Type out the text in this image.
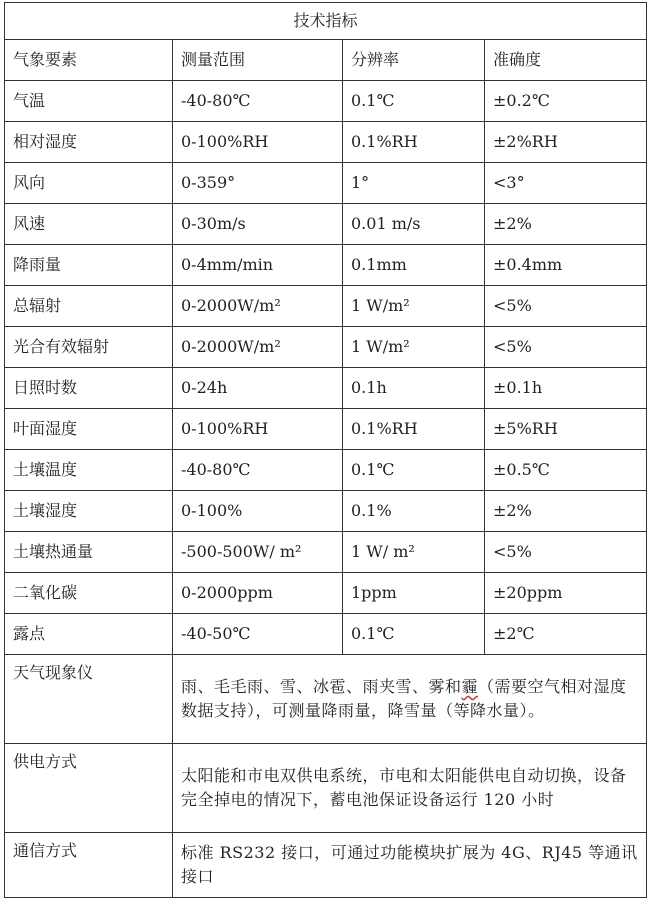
技术指标			
气象要素	测量范围	分辨率	准确度
气温	-40-80℃	0.1℃	±0.2℃
相对湿度	0-100%RH	0.1%RH	±2%RH
风向	0-359°	1°	<3°
风速	0-30m/s	0.01 m/s	±2%
降雨量	0-4mm/min	0.1mm	±0.4mm
总辐射	0-2000W/m²	1 W/m²	<5%
光合有效辐射	0-2000W/m²	1 W/m²	<5%
日照时数	0-24h	0.1h	±0.1h
叶面湿度	0-100%RH	0.1%RH	±5%RH
土壤温度	-40-80℃	0.1℃	±0.5℃
土壤湿度	0-100%	0.1%	±2%
土壤热通量	-500-500W/ m²	1 W/ m²	<5%
二氧化碳	0-2000ppm	1ppm	±20ppm
露点	-40-50℃	0.1℃	±2℃
天气现象仪	雨、毛毛雨、雪、冰雹、雨夹雪、雾和霾（需要空气相对湿度数据支持），可测量降雨量，降雪量（等降水量）。		
供电方式	太阳能和市电双供电系统，市电和太阳能供电自动切换，设备完全掉电的情况下，蓄电池保证设备运行 120 小时		
通信方式	标准 RS232 接口，可通过功能模块扩展为 4G、RJ45 等通讯接口		
